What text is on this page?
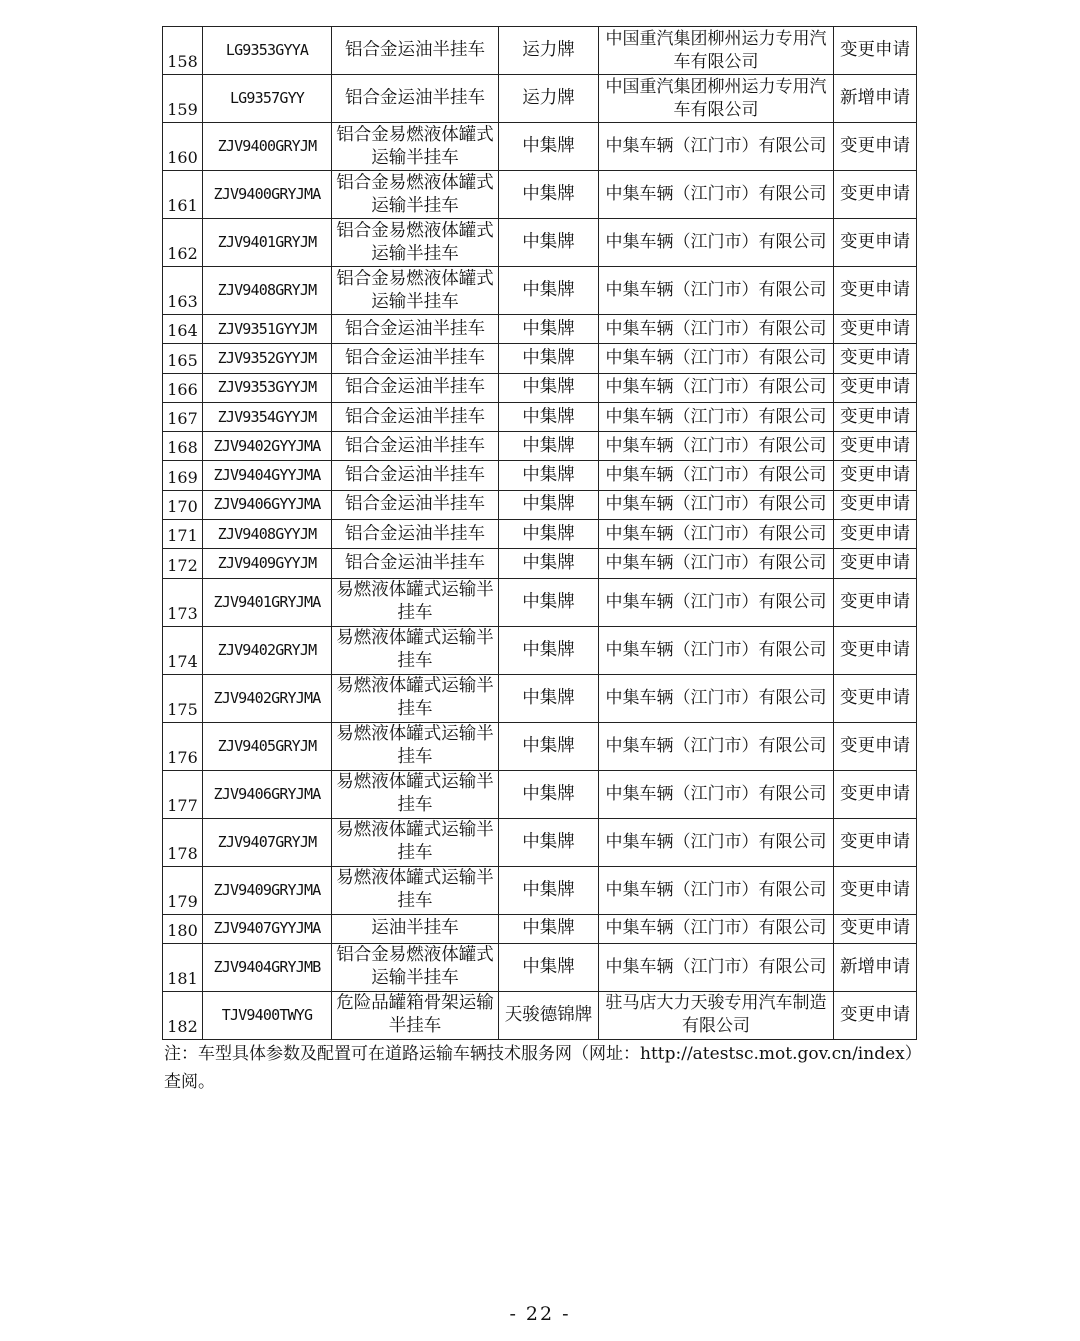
158	LG9353GYYA	铝合金运油半挂车	运力牌	中国重汽集团柳州运力专用汽车有限公司	变更申请
159	LG9357GYY	铝合金运油半挂车	运力牌	中国重汽集团柳州运力专用汽车有限公司	新增申请
160	ZJV9400GRYJM	铝合金易燃液体罐式运输半挂车	中集牌	中集车辆（江门市）有限公司	变更申请
161	ZJV9400GRYJMA	铝合金易燃液体罐式运输半挂车	中集牌	中集车辆（江门市）有限公司	变更申请
162	ZJV9401GRYJM	铝合金易燃液体罐式运输半挂车	中集牌	中集车辆（江门市）有限公司	变更申请
163	ZJV9408GRYJM	铝合金易燃液体罐式运输半挂车	中集牌	中集车辆（江门市）有限公司	变更申请
164	ZJV9351GYYJM	铝合金运油半挂车	中集牌	中集车辆（江门市）有限公司	变更申请
165	ZJV9352GYYJM	铝合金运油半挂车	中集牌	中集车辆（江门市）有限公司	变更申请
166	ZJV9353GYYJM	铝合金运油半挂车	中集牌	中集车辆（江门市）有限公司	变更申请
167	ZJV9354GYYJM	铝合金运油半挂车	中集牌	中集车辆（江门市）有限公司	变更申请
168	ZJV9402GYYJMA	铝合金运油半挂车	中集牌	中集车辆（江门市）有限公司	变更申请
169	ZJV9404GYYJMA	铝合金运油半挂车	中集牌	中集车辆（江门市）有限公司	变更申请
170	ZJV9406GYYJMA	铝合金运油半挂车	中集牌	中集车辆（江门市）有限公司	变更申请
171	ZJV9408GYYJM	铝合金运油半挂车	中集牌	中集车辆（江门市）有限公司	变更申请
172	ZJV9409GYYJM	铝合金运油半挂车	中集牌	中集车辆（江门市）有限公司	变更申请
173	ZJV9401GRYJMA	易燃液体罐式运输半挂车	中集牌	中集车辆（江门市）有限公司	变更申请
174	ZJV9402GRYJM	易燃液体罐式运输半挂车	中集牌	中集车辆（江门市）有限公司	变更申请
175	ZJV9402GRYJMA	易燃液体罐式运输半挂车	中集牌	中集车辆（江门市）有限公司	变更申请
176	ZJV9405GRYJM	易燃液体罐式运输半挂车	中集牌	中集车辆（江门市）有限公司	变更申请
177	ZJV9406GRYJMA	易燃液体罐式运输半挂车	中集牌	中集车辆（江门市）有限公司	变更申请
178	ZJV9407GRYJM	易燃液体罐式运输半挂车	中集牌	中集车辆（江门市）有限公司	变更申请
179	ZJV9409GRYJMA	易燃液体罐式运输半挂车	中集牌	中集车辆（江门市）有限公司	变更申请
180	ZJV9407GYYJMA	运油半挂车	中集牌	中集车辆（江门市）有限公司	变更申请
181	ZJV9404GRYJMB	铝合金易燃液体罐式运输半挂车	中集牌	中集车辆（江门市）有限公司	新增申请
182	TJV9400TWYG	危险品罐箱骨架运输半挂车	天骏德锦牌	驻马店大力天骏专用汽车制造有限公司	变更申请
注：车型具体参数及配置可在道路运输车辆技术服务网（网址：http://atestsc.mot.gov.cn/index）查阅。
- 22 -
